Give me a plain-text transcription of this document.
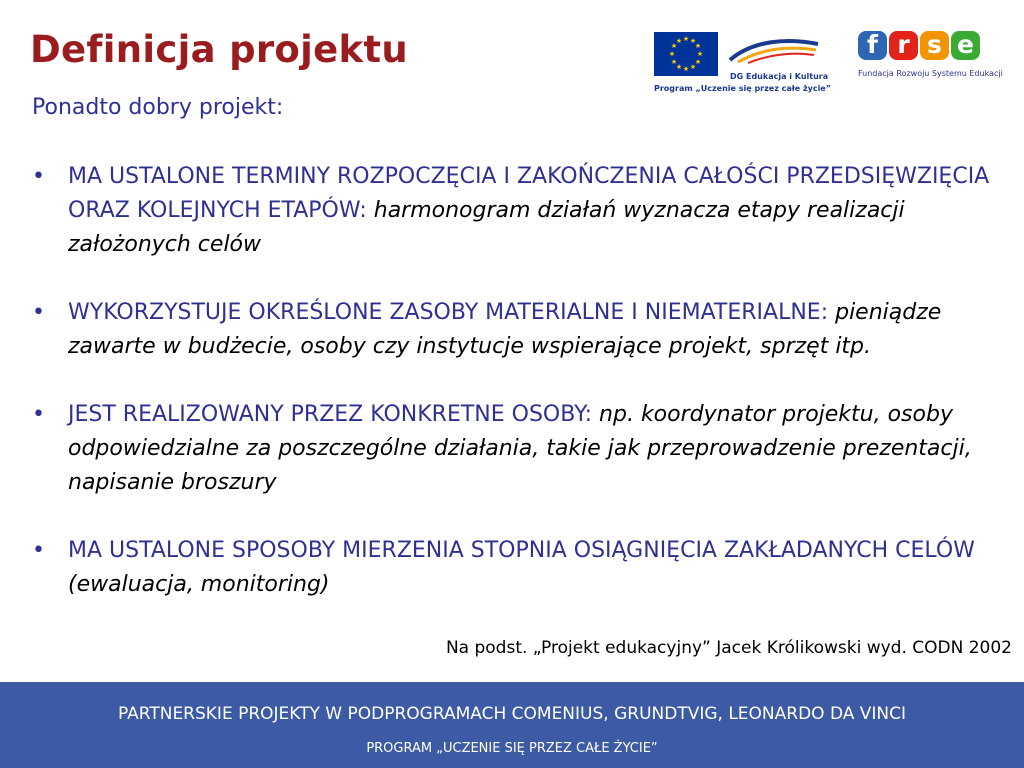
Definicja projektu
Ponadto dobry projekt:
★ ★
★
★
★
★
★
★
★
★
★
★
DG Edukacja i Kultura
Program „Uczenie się przez całe życie”
f r s e
Fundacja Rozwoju Systemu Edukacji
• MA USTALONE TERMINY ROZPOCZĘCIA I ZAKOŃCZENIA CAŁOŚCI PRZEDSIĘWZIĘCIA ORAZ KOLEJNYCH ETAPÓW: harmonogram działań wyznacza etapy realizacji założonych celów
• WYKORZYSTUJE OKREŚLONE ZASOBY MATERIALNE I NIEMATERIALNE: pieniądze zawarte w budżecie, osoby czy instytucje wspierające projekt, sprzęt itp.
• JEST REALIZOWANY PRZEZ KONKRETNE OSOBY: np. koordynator projektu, osoby odpowiedzialne za poszczególne działania, takie jak przeprowadzenie prezentacji, napisanie broszury
• MA USTALONE SPOSOBY MIERZENIA STOPNIA OSIĄGNIĘCIA ZAKŁADANYCH CELÓW (ewaluacja, monitoring)
Na podst. „Projekt edukacyjny” Jacek Królikowski wyd. CODN 2002
PARTNERSKIE PROJEKTY W PODPROGRAMACH COMENIUS, GRUNDTVIG, LEONARDO DA VINCI
PROGRAM „UCZENIE SIĘ PRZEZ CAŁE ŻYCIE”
